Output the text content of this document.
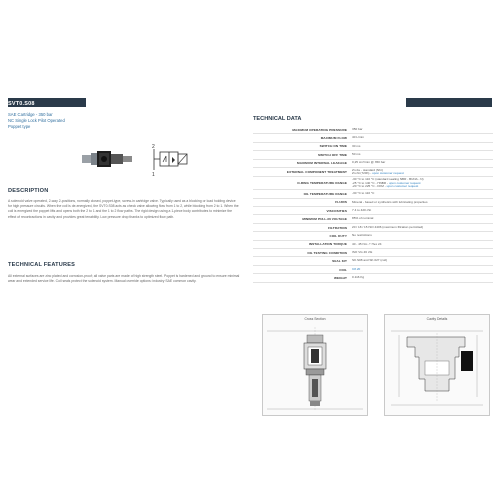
SVT0.S08
SAE Cartridge - 350 bar
NC Single Lock Pilot Operated
Poppet type
2
1
DESCRIPTION
A solenoid valve operated, 2-way 2-positions, normally closed, poppet-type, screw-in cartridge valve. Typically used as a blocking or load holding device for high pressure circuits. When the coil is de-energized, the SVT0.S08 acts as check valve allowing flow from 1 to 2, while blocking from 2 to 1. When the coil is energized the poppet lifts and opens both the 2 to 1 and the 1 to 2 flow paths. The rigid design using a 1-piece body contributes to minimize the effect of recontractions in cavity and provides great tenability. Low pressure drop thanks to optimized flow path.
TECHNICAL FEATURES
All external surfaces are zinc plated and corrosion-proof; all valve parts are made of high strength steel. Poppet is hardened and ground to ensure minimal wear and extended service life. Coil seals protect the solenoid system. Manual override options: industry SAE common cavity.
TECHNICAL DATA
MAXIMUM OPERATING PRESSURE	350 bar
MAXIMUM FLOW	40 L/min
SWITCH ON TIME	30 ms
SWITCH OFF TIME	50 ms
MAXIMUM INTERNAL LEAKAGE	0,25 cm³/min @ 350 bar
EXTERNAL COMPONENT TREATMENT
Zn-Fe - standard (Nhr)
Zn-Ni (720h) - upon customer request
O-RING TEMPERATURE RANGE
-30 °C to 110 °C (standard sealing NBR - BUNA - N)
-25 °C to 140 °C - HNBR - upon customer request
-20 °C to 225 °C - FKM - upon customer request
OIL TEMPERATURE RANGE	-30 °C to 110 °C
FLUIDS	Mineral - based or synthetics with lubricating properties
VISCOSITIES	7.4 to 420 cSt
MINIMUM PULL-IN VOLTAGE	85% of nominal
FILTRATION	20 / 18 / 15 ISO 4406 (maximum filtration permitted)
COIL DUTY	No restrictions
INSTALLATION TORQUE	40 - 45 Nm ↗ Hex 24
OIL TESTING CONDITION	ISO VG 46 cSt
SEAL KIT	SK.S08 and SK.027 (coil)
COIL	C8.20
WEIGHT	0.116 Kg
Cross Section	Cavity Details
